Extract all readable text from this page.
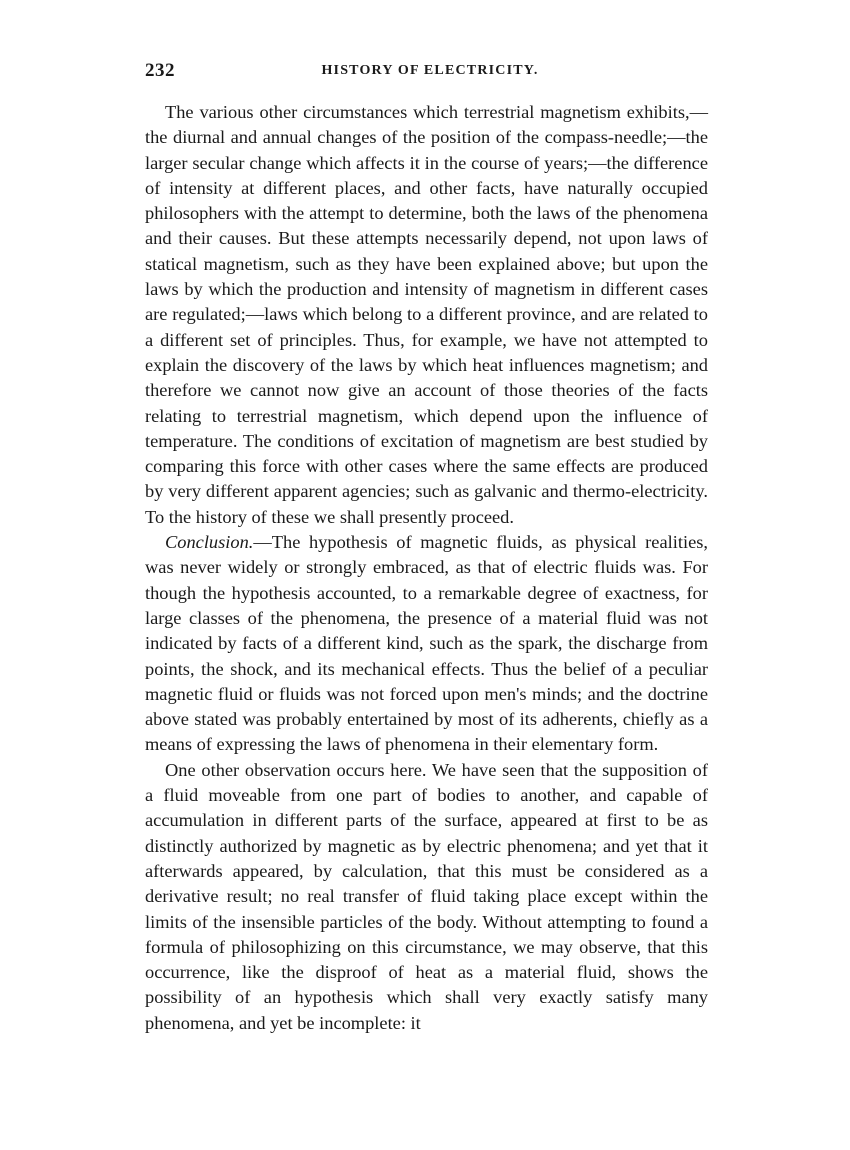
232	HISTORY OF ELECTRICITY.

The various other circumstances which terrestrial magnetism exhibits,—the diurnal and annual changes of the position of the compass-needle;—the larger secular change which affects it in the course of years;—the difference of intensity at different places, and other facts, have naturally occupied philosophers with the attempt to determine, both the laws of the phenomena and their causes. But these attempts necessarily depend, not upon laws of statical magnetism, such as they have been explained above; but upon the laws by which the production and intensity of magnetism in different cases are regulated;—laws which belong to a different province, and are related to a different set of principles. Thus, for example, we have not attempted to explain the discovery of the laws by which heat influences magnetism; and therefore we cannot now give an account of those theories of the facts relating to terrestrial magnetism, which depend upon the influence of temperature. The conditions of excitation of magnetism are best studied by comparing this force with other cases where the same effects are produced by very different apparent agencies; such as galvanic and thermo-electricity. To the history of these we shall presently proceed.

Conclusion.—The hypothesis of magnetic fluids, as physical realities, was never widely or strongly embraced, as that of electric fluids was. For though the hypothesis accounted, to a remarkable degree of exactness, for large classes of the phenomena, the presence of a material fluid was not indicated by facts of a different kind, such as the spark, the discharge from points, the shock, and its mechanical effects. Thus the belief of a peculiar magnetic fluid or fluids was not forced upon men's minds; and the doctrine above stated was probably entertained by most of its adherents, chiefly as a means of expressing the laws of phenomena in their elementary form.

One other observation occurs here. We have seen that the supposition of a fluid moveable from one part of bodies to another, and capable of accumulation in different parts of the surface, appeared at first to be as distinctly authorized by magnetic as by electric phenomena; and yet that it afterwards appeared, by calculation, that this must be considered as a derivative result; no real transfer of fluid taking place except within the limits of the insensible particles of the body. Without attempting to found a formula of philosophizing on this circumstance, we may observe, that this occurrence, like the disproof of heat as a material fluid, shows the possibility of an hypothesis which shall very exactly satisfy many phenomena, and yet be incomplete: it
